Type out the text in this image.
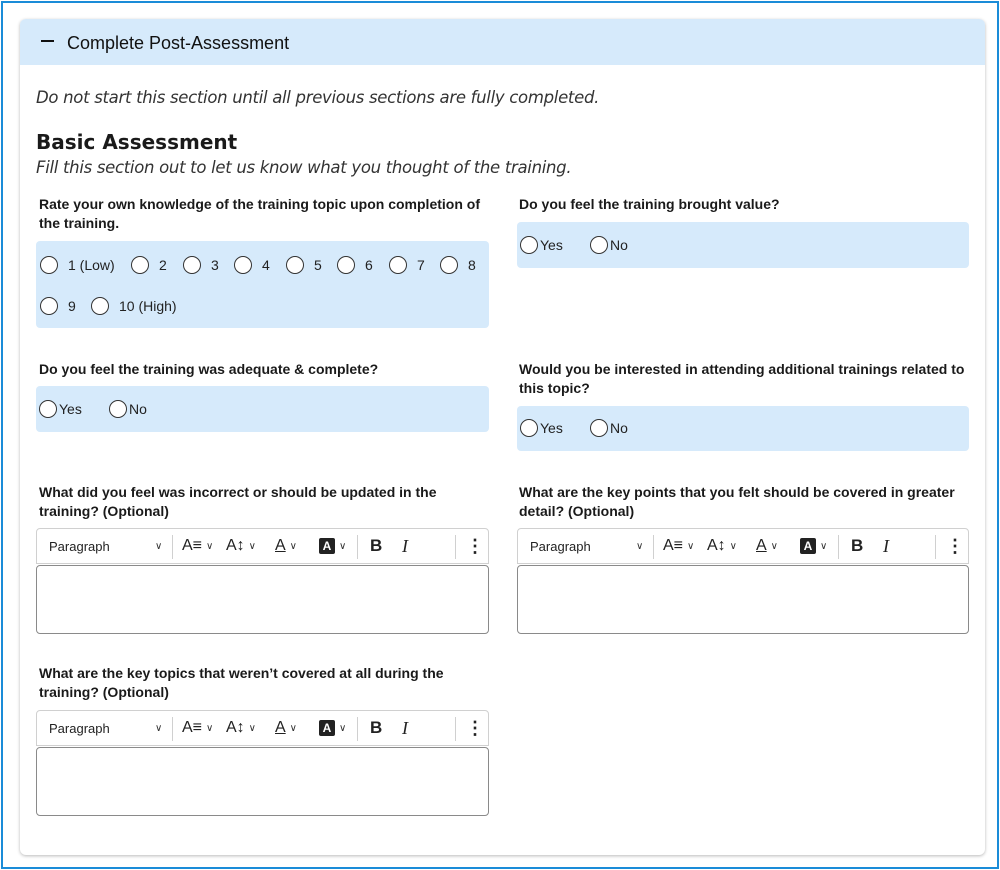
Complete Post-Assessment
Do not start this section until all previous sections are fully completed.
Basic Assessment
Fill this section out to let us know what you thought of the training.
Rate your own knowledge of the training topic upon completion of the training.
1 (Low)	2	3	4	5	6	7	8
9	10 (High)
Do you feel the training brought value?
Yes	No
Do you feel the training was adequate & complete?
Yes	No
Would you be interested in attending additional trainings related to this topic?
Yes	No
What did you feel was incorrect or should be updated in the training? (Optional)
Paragraph	∨ A≡ ∨ A↕ ∨ A ∨	A ∨ B I	⋮
What are the key points that you felt should be covered in greater detail? (Optional)
Paragraph	∨ A≡ ∨ A↕ ∨ A ∨	A ∨ B I	⋮
What are the key topics that weren’t covered at all during the training? (Optional)
Paragraph	∨ A≡ ∨ A↕ ∨ A ∨	A ∨ B I	⋮
